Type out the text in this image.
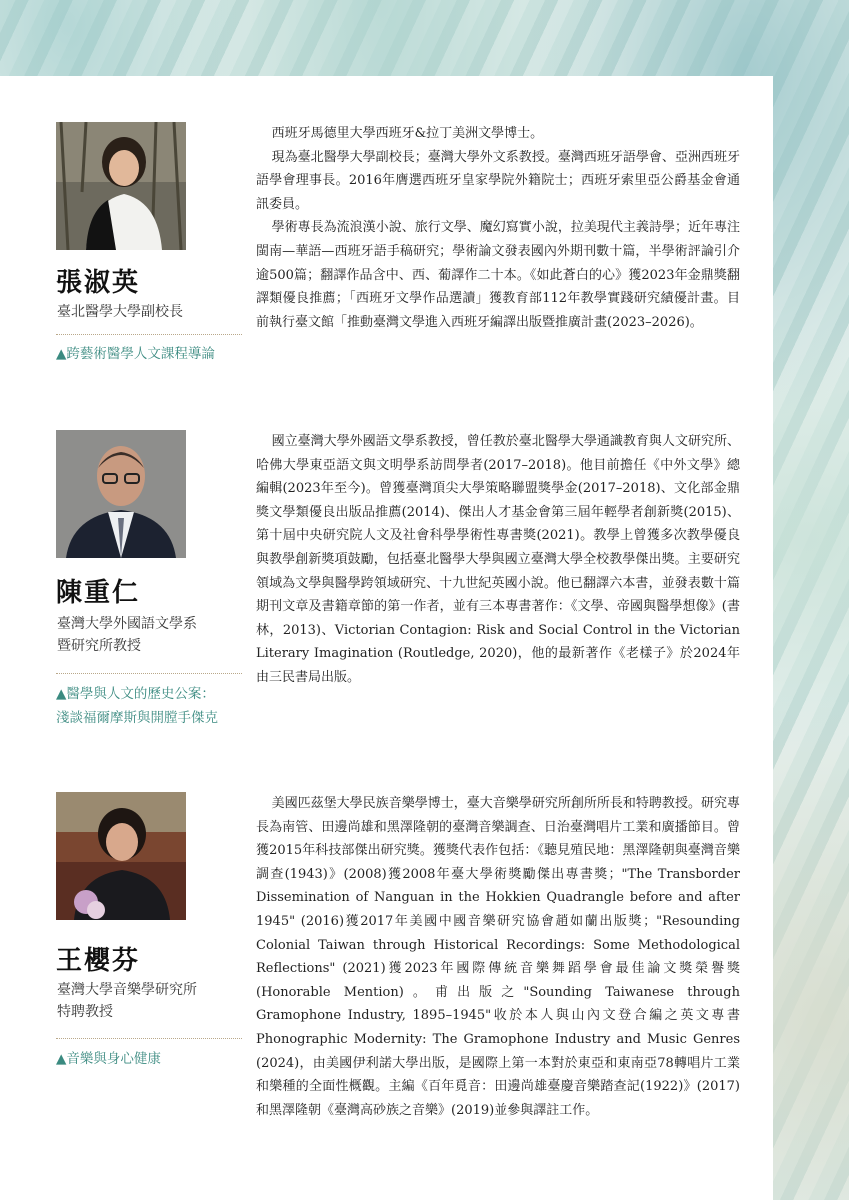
張淑英
臺北醫學大學副校長
▲跨藝術醫學人文課程導論

西班牙馬德里大學西班牙&拉丁美洲文學博士。

現為臺北醫學大學副校長；臺灣大學外文系教授。臺灣西班牙語學會、亞洲西班牙語學會理事長。2016年膺選西班牙皇家學院外籍院士；西班牙索里亞公爵基金會通訊委員。

學術專長為流浪漢小說、旅行文學、魔幻寫實小說，拉美現代主義詩學；近年專注閩南—華語—西班牙語手稿研究；學術論文發表國內外期刊數十篇，半學術評論引介逾500篇；翻譯作品含中、西、葡譯作二十本。《如此蒼白的心》獲2023年金鼎獎翻譯類優良推薦；「西班牙文學作品選讀」獲教育部112年教學實踐研究績優計畫。目前執行臺文館「推動臺灣文學進入西班牙編譯出版暨推廣計畫(2023–2026)。

陳重仁
臺灣大學外國語文學系
暨研究所教授
▲醫學與人文的歷史公案：
淺談福爾摩斯與開膛手傑克

國立臺灣大學外國語文學系教授，曾任教於臺北醫學大學通識教育與人文研究所、哈佛大學東亞語文與文明學系訪問學者(2017–2018)。他目前擔任《中外文學》總編輯(2023年至今)。曾獲臺灣頂尖大學策略聯盟獎學金(2017–2018)、文化部金鼎獎文學類優良出版品推薦(2014)、傑出人才基金會第三屆年輕學者創新獎(2015)、第十屆中央研究院人文及社會科學學術性專書獎(2021)。教學上曾獲多次教學優良與教學創新獎項鼓勵，包括臺北醫學大學與國立臺灣大學全校教學傑出獎。主要研究領域為文學與醫學跨領域研究、十九世紀英國小說。他已翻譯六本書，並發表數十篇期刊文章及書籍章節的第一作者，並有三本專書著作：《文學、帝國與醫學想像》(書林，2013)、Victorian Contagion: Risk and Social Control in the Victorian Literary Imagination (Routledge, 2020)，他的最新著作《老樣子》於2024年由三民書局出版。

王櫻芬
臺灣大學音樂學研究所
特聘教授
▲音樂與身心健康

美國匹茲堡大學民族音樂學博士，臺大音樂學研究所創所所長和特聘教授。研究專長為南管、田邊尚雄和黑澤隆朝的臺灣音樂調查、日治臺灣唱片工業和廣播節目。曾獲2015年科技部傑出研究獎。獲獎代表作包括：《聽見殖民地：黑澤隆朝與臺灣音樂調查(1943)》(2008)獲2008年臺大學術獎勵傑出專書獎；"The Transborder Dissemination of Nanguan in the Hokkien Quadrangle before and after 1945" (2016)獲2017年美國中國音樂研究協會趙如蘭出版獎；"Resounding Colonial Taiwan through Historical Recordings: Some Methodological Reflections" (2021)獲2023年國際傳統音樂舞蹈學會最佳論文獎榮譽獎(Honorable Mention)。甫出版之"Sounding Taiwanese through Gramophone Industry, 1895–1945"收於本人與山內文登合編之英文專書Phonographic Modernity: The Gramophone Industry and Music Genres (2024)，由美國伊利諾大學出版，是國際上第一本對於東亞和東南亞78轉唱片工業和樂種的全面性概觀。主編《百年覓音：田邊尚雄臺慶音樂踏查記(1922)》(2017)和黑澤隆朝《臺灣高砂族之音樂》(2019)並參與譯註工作。
